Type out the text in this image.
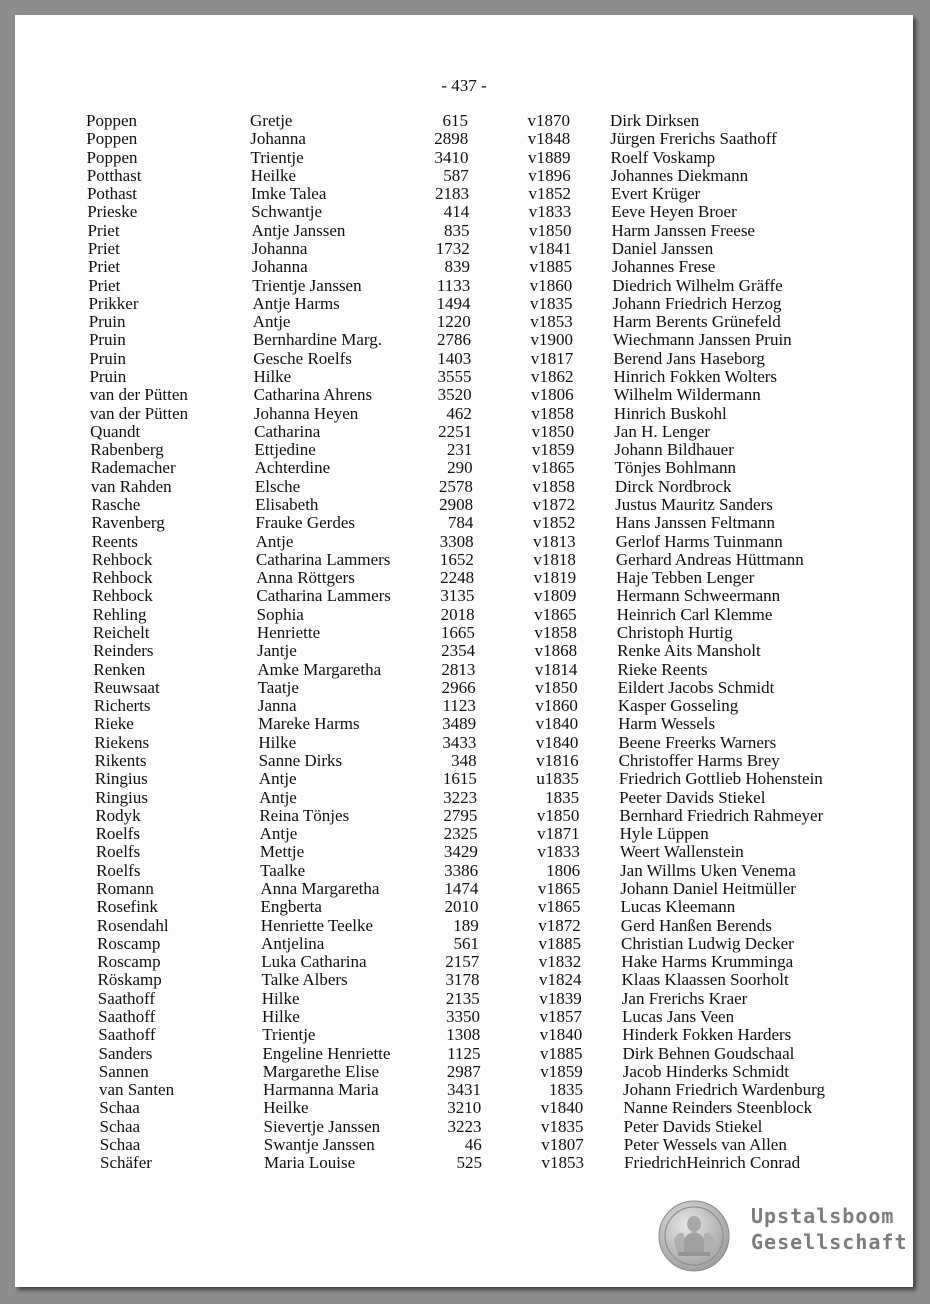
- 437 -
Poppen	Gretje	615	v1870 Dirk Dirksen
Poppen	Johanna	2898	v1848 Jürgen Frerichs Saathoff
Poppen	Trientje	3410	v1889 Roelf Voskamp
Potthast	Heilke	587	v1896 Johannes Diekmann
Pothast	Imke Talea	2183	v1852 Evert Krüger
Prieske	Schwantje	414	v1833 Eeve Heyen Broer
Priet	Antje Janssen	835	v1850 Harm Janssen Freese
Priet	Johanna	1732	v1841 Daniel Janssen
Priet	Johanna	839	v1885 Johannes Frese
Priet	Trientje Janssen	1133	v1860 Diedrich Wilhelm Gräffe
Prikker	Antje Harms	1494	v1835 Johann Friedrich Herzog
Pruin	Antje	1220	v1853 Harm Berents Grünefeld
Pruin	Bernhardine Marg.	2786	v1900 Wiechmann Janssen Pruin
Pruin	Gesche Roelfs	1403	v1817 Berend Jans Haseborg
Pruin	Hilke	3555	v1862 Hinrich Fokken Wolters
van der Pütten	Catharina Ahrens	3520	v1806 Wilhelm Wildermann
van der Pütten	Johanna Heyen	462	v1858 Hinrich Buskohl
Quandt	Catharina	2251	v1850 Jan H. Lenger
Rabenberg	Ettjedine	231	v1859 Johann Bildhauer
Rademacher	Achterdine	290	v1865 Tönjes Bohlmann
van Rahden	Elsche	2578	v1858 Dirck Nordbrock
Rasche	Elisabeth	2908	v1872 Justus Mauritz Sanders
Ravenberg	Frauke Gerdes	784	v1852 Hans Janssen Feltmann
Reents	Antje	3308	v1813 Gerlof Harms Tuinmann
Rehbock	Catharina Lammers	1652	v1818 Gerhard Andreas Hüttmann
Rehbock	Anna Röttgers	2248	v1819 Haje Tebben Lenger
Rehbock	Catharina Lammers	3135	v1809 Hermann Schweermann
Rehling	Sophia	2018	v1865 Heinrich Carl Klemme
Reichelt	Henriette	1665	v1858 Christoph Hurtig
Reinders	Jantje	2354	v1868 Renke Aits Mansholt
Renken	Amke Margaretha	2813	v1814 Rieke Reents
Reuwsaat	Taatje	2966	v1850 Eildert Jacobs Schmidt
Richerts	Janna	1123	v1860 Kasper Gosseling
Rieke	Mareke Harms	3489	v1840 Harm Wessels
Riekens	Hilke	3433	v1840 Beene Freerks Warners
Rikents	Sanne Dirks	348	v1816 Christoffer Harms Brey
Ringius	Antje	1615	u1835 Friedrich Gottlieb Hohenstein
Ringius	Antje	3223	1835 Peeter Davids Stiekel
Rodyk	Reina Tönjes	2795	v1850 Bernhard Friedrich Rahmeyer
Roelfs	Antje	2325	v1871 Hyle Lüppen
Roelfs	Mettje	3429	v1833 Weert Wallenstein
Roelfs	Taalke	3386	1806 Jan Willms Uken Venema
Romann	Anna Margaretha	1474	v1865 Johann Daniel Heitmüller
Rosefink	Engberta	2010	v1865 Lucas Kleemann
Rosendahl	Henriette Teelke	189	v1872 Gerd Hanßen Berends
Roscamp	Antjelina	561	v1885 Christian Ludwig Decker
Roscamp	Luka Catharina	2157	v1832 Hake Harms Krumminga
Röskamp	Talke Albers	3178	v1824 Klaas Klaassen Soorholt
Saathoff	Hilke	2135	v1839 Jan Frerichs Kraer
Saathoff	Hilke	3350	v1857 Lucas Jans Veen
Saathoff	Trientje	1308	v1840 Hinderk Fokken Harders
Sanders	Engeline Henriette	1125	v1885 Dirk Behnen Goudschaal
Sannen	Margarethe Elise	2987	v1859 Jacob Hinderks Schmidt
van Santen	Harmanna Maria	3431	1835 Johann Friedrich Wardenburg
Schaa	Heilke	3210	v1840 Nanne Reinders Steenblock
Schaa	Sievertje Janssen	3223	v1835 Peter Davids Stiekel
Schaa	Swantje Janssen	46	v1807 Peter Wessels van Allen
Schäfer	Maria Louise	525	v1853 FriedrichHeinrich Conrad
Upstalsboom
Gesellschaft
